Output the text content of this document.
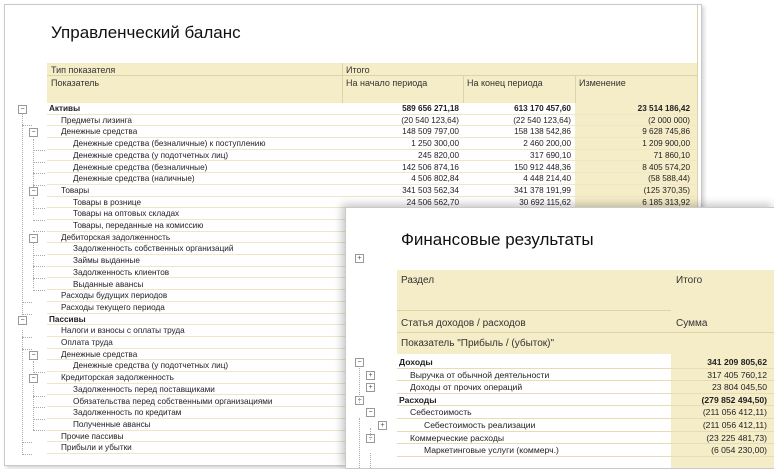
Управленческий баланс
Тип показателя	Итого
Показатель	На начало периода	На конец периода	Изменение
Активы	589 656 271,18	613 170 457,60	23 514 186,42
−
Предметы лизинга	(20 540 123,64)	(22 540 123,64)	(2 000 000)
Денежные средства	148 509 797,00	158 138 542,86	9 628 745,86
−
Денежные средства (безналичные) к поступлению	1 250 300,00	2 460 200,00	1 209 900,00
Денежные средства (у подотчетных лиц)	245 820,00	317 690,10	71 860,10
Денежные средства (безналичные)	142 506 874,16	150 912 448,36	8 405 574,20
Денежные средства (наличные)	4 506 802,84	4 448 214,40	(58 588,44)
Товары	341 503 562,34	341 378 191,99	(125 370,35)
−
Товары в рознице	24 506 562,70	30 692 115,62	6 185 313,92
Товары на оптовых складах
Товары, переданные на комиссию
Дебиторская задолженность
−
Задолженность собственных организаций
Займы выданные
Задолженность клиентов
Выданные авансы
Расходы будущих периодов
Расходы текущего периода
Пассивы
−
Налоги и взносы с оплаты труда
Оплата труда
Денежные средства
−
Денежные средства (у подотчетных лиц)
Кредиторская задолженность
−
Задолженность перед поставщиками
Обязательства перед собственными организациями
Задолженность по кредитам
Полученные авансы
Прочие пассивы
Прибыли и убытки
Финансовые результаты
+
Раздел	Итого
Статья доходов / расходов	Сумма
Показатель "Прибыль / (убыток)"
Доходы	341 209 805,62
−
Выручка от обычной деятельности	317 405 760,12
+
Доходы от прочих операций	23 804 045,50
+
Расходы	(279 852 494,50)
−
Себестоимость	(211 056 412,11)
−
Себестоимость реализации	(211 056 412,11)
+
Коммерческие расходы	(23 225 481,73)
−
Маркетинговые услуги (коммерч.)	(6 054 230,00)
